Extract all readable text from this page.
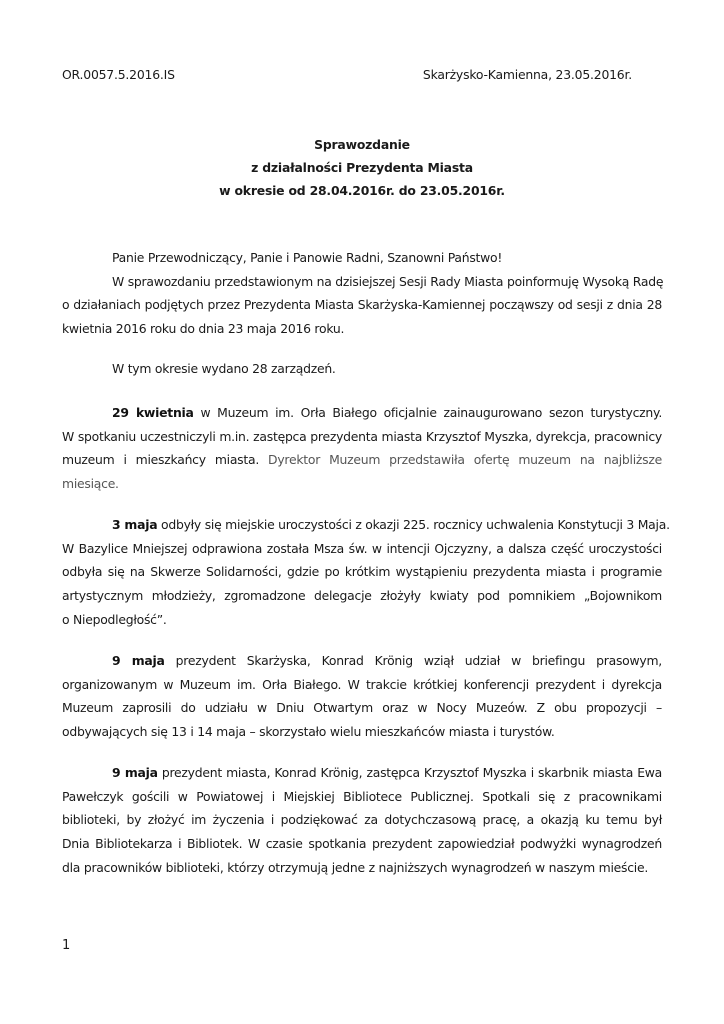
OR.0057.5.2016.IS	Skarżysko-Kamienna, 23.05.2016r.
Sprawozdanie
z działalności Prezydenta Miasta
w okresie od 28.04.2016r. do 23.05.2016r.
Panie Przewodniczący, Panie i Panowie Radni, Szanowni Państwo!
W sprawozdaniu przedstawionym na dzisiejszej Sesji Rady Miasta poinformuję Wysoką Radę
o działaniach podjętych przez Prezydenta Miasta Skarżyska-Kamiennej począwszy od sesji z dnia 28
kwietnia 2016 roku do dnia 23 maja 2016 roku.
W tym okresie wydano 28 zarządzeń.
29 kwietnia w Muzeum im. Orła Białego oficjalnie zainaugurowano sezon turystyczny.
W spotkaniu uczestniczyli m.in. zastępca prezydenta miasta Krzysztof Myszka, dyrekcja, pracownicy
muzeum i mieszkańcy miasta. Dyrektor Muzeum przedstawiła ofertę muzeum na najbliższe
miesiące.
3 maja odbyły się miejskie uroczystości z okazji 225. rocznicy uchwalenia Konstytucji 3 Maja.
W Bazylice Mniejszej odprawiona została Msza św. w intencji Ojczyzny, a dalsza część uroczystości
odbyła się na Skwerze Solidarności, gdzie po krótkim wystąpieniu prezydenta miasta i programie
artystycznym młodzieży, zgromadzone delegacje złożyły kwiaty pod pomnikiem „Bojownikom
o Niepodległość”.
9 maja prezydent Skarżyska, Konrad Krönig wziął udział w briefingu prasowym,
organizowanym w Muzeum im. Orła Białego. W trakcie krótkiej konferencji prezydent i dyrekcja
Muzeum zaprosili do udziału w Dniu Otwartym oraz w Nocy Muzeów. Z obu propozycji –
odbywających się 13 i 14 maja – skorzystało wielu mieszkańców miasta i turystów.
9 maja prezydent miasta, Konrad Krönig, zastępca Krzysztof Myszka i skarbnik miasta Ewa
Pawełczyk gościli w Powiatowej i Miejskiej Bibliotece Publicznej. Spotkali się z pracownikami
biblioteki, by złożyć im życzenia i podziękować za dotychczasową pracę, a okazją ku temu był
Dnia Bibliotekarza i Bibliotek. W czasie spotkania prezydent zapowiedział podwyżki wynagrodzeń
dla pracowników biblioteki, którzy otrzymują jedne z najniższych wynagrodzeń w naszym mieście.
1
